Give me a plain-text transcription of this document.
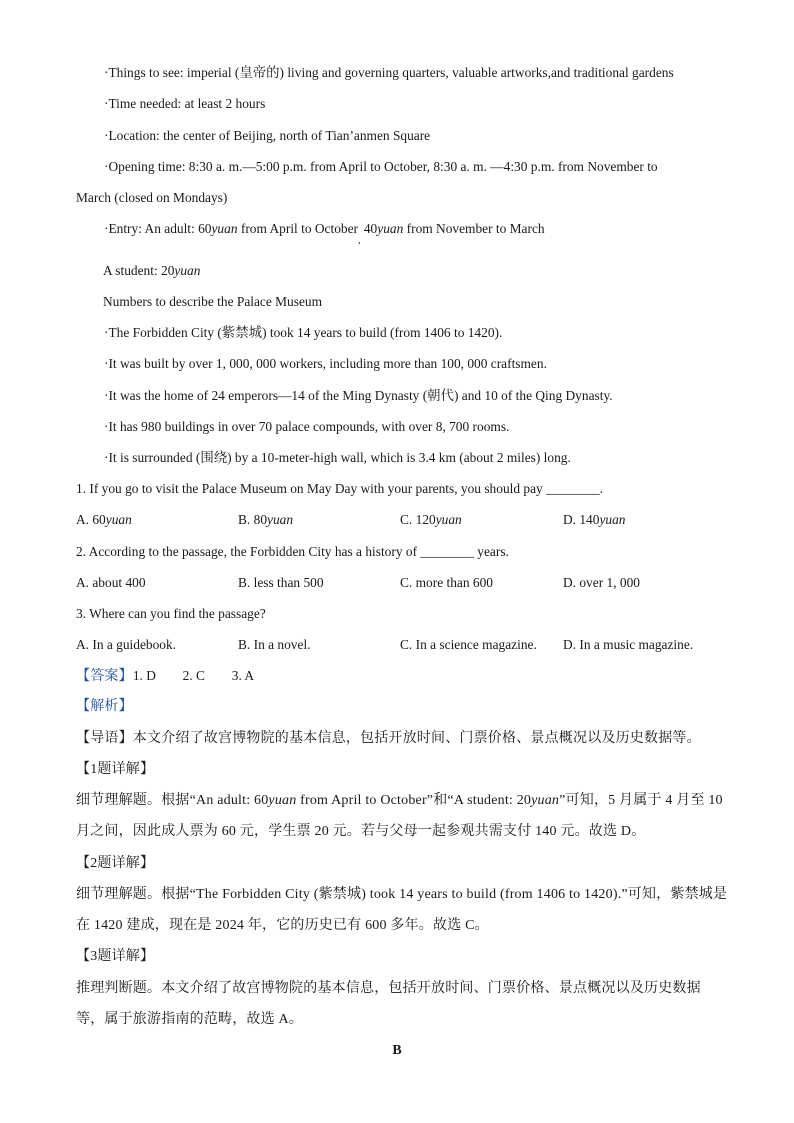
·Things to see: imperial (皇帝的) living and governing quarters, valuable artworks,and traditional gardens
·Time needed: at least 2 hours
·Location: the center of Beijing, north of Tian’anmen Square
·Opening time: 8:30 a. m.—5:00 p.m. from April to October, 8:30 a. m. —4:30 p.m. from November to
March (closed on Mondays)
·Entry: An adult: 60yuan from April to October$_,$ 40yuan from November to March
A student: 20yuan
Numbers to describe the Palace Museum
·The Forbidden City (紫禁城) took 14 years to build (from 1406 to 1420).
·It was built by over 1, 000, 000 workers, including more than 100, 000 craftsmen.
·It was the home of 24 emperors—14 of the Ming Dynasty (朝代) and 10 of the Qing Dynasty.
·It has 980 buildings in over 70 palace compounds, with over 8, 700 rooms.
·It is surrounded (围绕) by a 10-meter-high wall, which is 3.4 km (about 2 miles) long.
1. If you go to visit the Palace Museum on May Day with your parents, you should pay ________.
A. 60yuan	B. 80yuan	C. 120yuan	D. 140yuan
2. According to the passage, the Forbidden City has a history of ________ years.
A. about 400	B. less than 500	C. more than 600	D. over 1, 000
3. Where can you find the passage?
A. In a guidebook.	B. In a novel.	C. In a science magazine. D. In a music magazine.
【答案】1. D        2. C        3. A
【解析】
【导语】本文介绍了故宫博物院的基本信息，包括开放时间、门票价格、景点概况以及历史数据等。
【1题详解】
细节理解题。根据“An adult: 60yuan from April to October”和“A student: 20yuan”可知，5 月属于 4 月至 10
月之间，因此成人票为 60 元，学生票 20 元。若与父母一起参观共需支付 140 元。故选 D。
【2题详解】
细节理解题。根据“The Forbidden City (紫禁城) took 14 years to build (from 1406 to 1420).”可知，紫禁城是
在 1420 建成，现在是 2024 年，它的历史已有 600 多年。故选 C。
【3题详解】
推理判断题。本文介绍了故宫博物院的基本信息，包括开放时间、门票价格、景点概况以及历史数据
等，属于旅游指南的范畴，故选 A。
B
